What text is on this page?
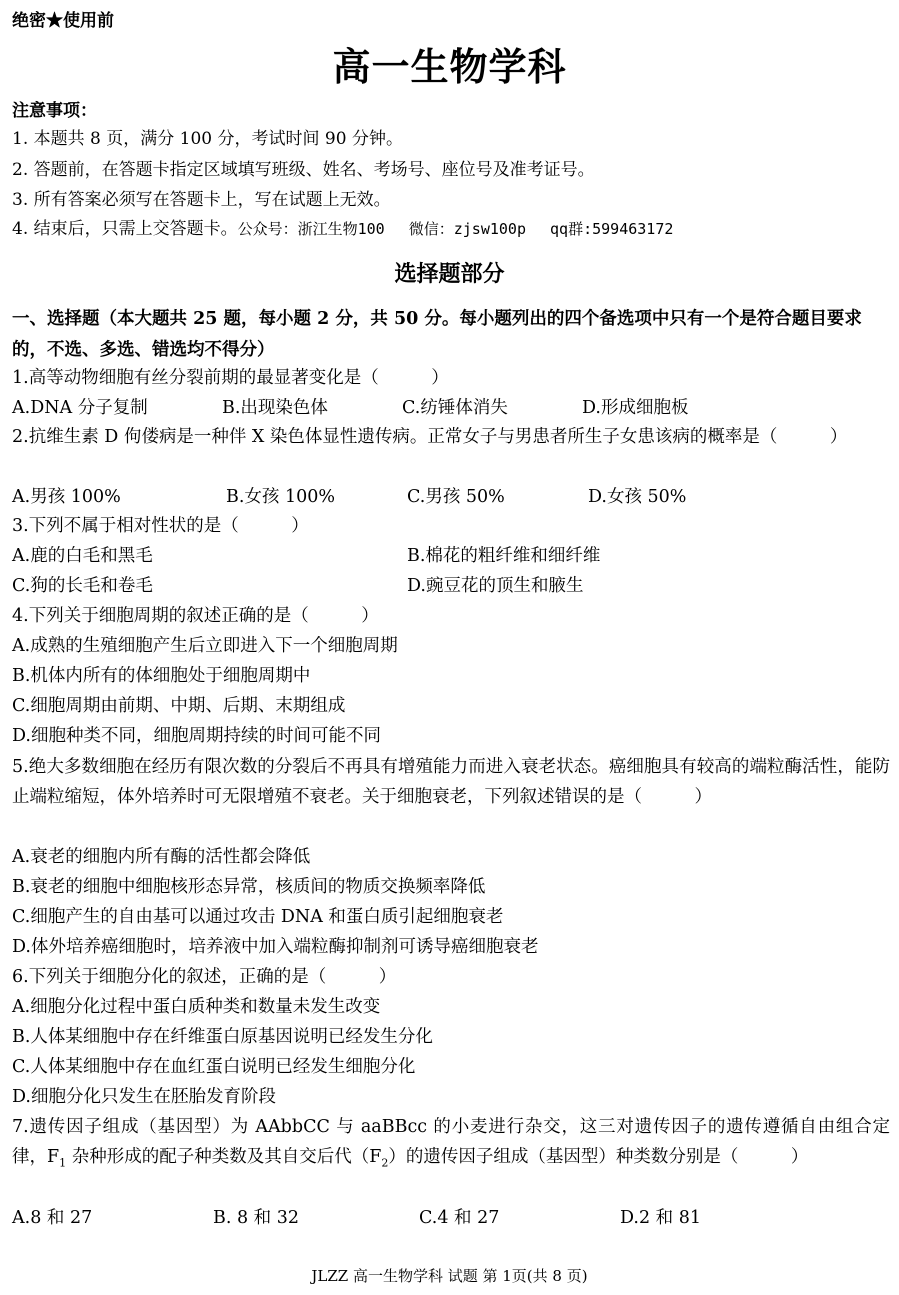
绝密★使用前
高一生物学科
注意事项：
1. 本题共 8 页，满分 100 分，考试时间 90 分钟。
2. 答题前，在答题卡指定区域填写班级、姓名、考场号、座位号及准考证号。
3. 所有答案必须写在答题卡上，写在试题上无效。
4. 结束后，只需上交答题卡。公众号：浙江生物100　 微信：zjsw100p　 qq群:599463172
选择题部分
一、选择题（本大题共 25 题，每小题 2 分，共 50 分。每小题列出的四个备选项中只有一个是符合题目要求的，不选、多选、错选均不得分）
1.高等动物细胞有丝分裂前期的最显著变化是（　　　）
A.DNA 分子复制	B.出现染色体	C.纺锤体消失	D.形成细胞板
2.抗维生素 D 佝偻病是一种伴 X 染色体显性遗传病。正常女子与男患者所生子女患该病的概率是（　　　）
A.男孩 100%	B.女孩 100%	C.男孩 50%	D.女孩 50%
3.下列不属于相对性状的是（　　　）
A.鹿的白毛和黑毛	B.棉花的粗纤维和细纤维
C.狗的长毛和卷毛	D.豌豆花的顶生和腋生
4.下列关于细胞周期的叙述正确的是（　　　）
A.成熟的生殖细胞产生后立即进入下一个细胞周期
B.机体内所有的体细胞处于细胞周期中
C.细胞周期由前期、中期、后期、末期组成
D.细胞种类不同，细胞周期持续的时间可能不同
5.绝大多数细胞在经历有限次数的分裂后不再具有增殖能力而进入衰老状态。癌细胞具有较高的端粒酶活性，能防止端粒缩短，体外培养时可无限增殖不衰老。关于细胞衰老，下列叙述错误的是（　　　）
A.衰老的细胞内所有酶的活性都会降低
B.衰老的细胞中细胞核形态异常，核质间的物质交换频率降低
C.细胞产生的自由基可以通过攻击 DNA 和蛋白质引起细胞衰老
D.体外培养癌细胞时，培养液中加入端粒酶抑制剂可诱导癌细胞衰老
6.下列关于细胞分化的叙述，正确的是（　　　）
A.细胞分化过程中蛋白质种类和数量未发生改变
B.人体某细胞中存在纤维蛋白原基因说明已经发生分化
C.人体某细胞中存在血红蛋白说明已经发生细胞分化
D.细胞分化只发生在胚胎发育阶段
7.遗传因子组成（基因型）为 AAbbCC 与 aaBBcc 的小麦进行杂交，这三对遗传因子的遗传遵循自由组合定律，$F_1$ 杂种形成的配子种类数及其自交后代$(F_2)$的遗传因子组成（基因型）种类数分别是（　　　）
A.8 和 27	B. 8 和 32	C.4 和 27	D.2 和 81
JLZZ 高一生物学科 试题 第 1页(共 8 页)
